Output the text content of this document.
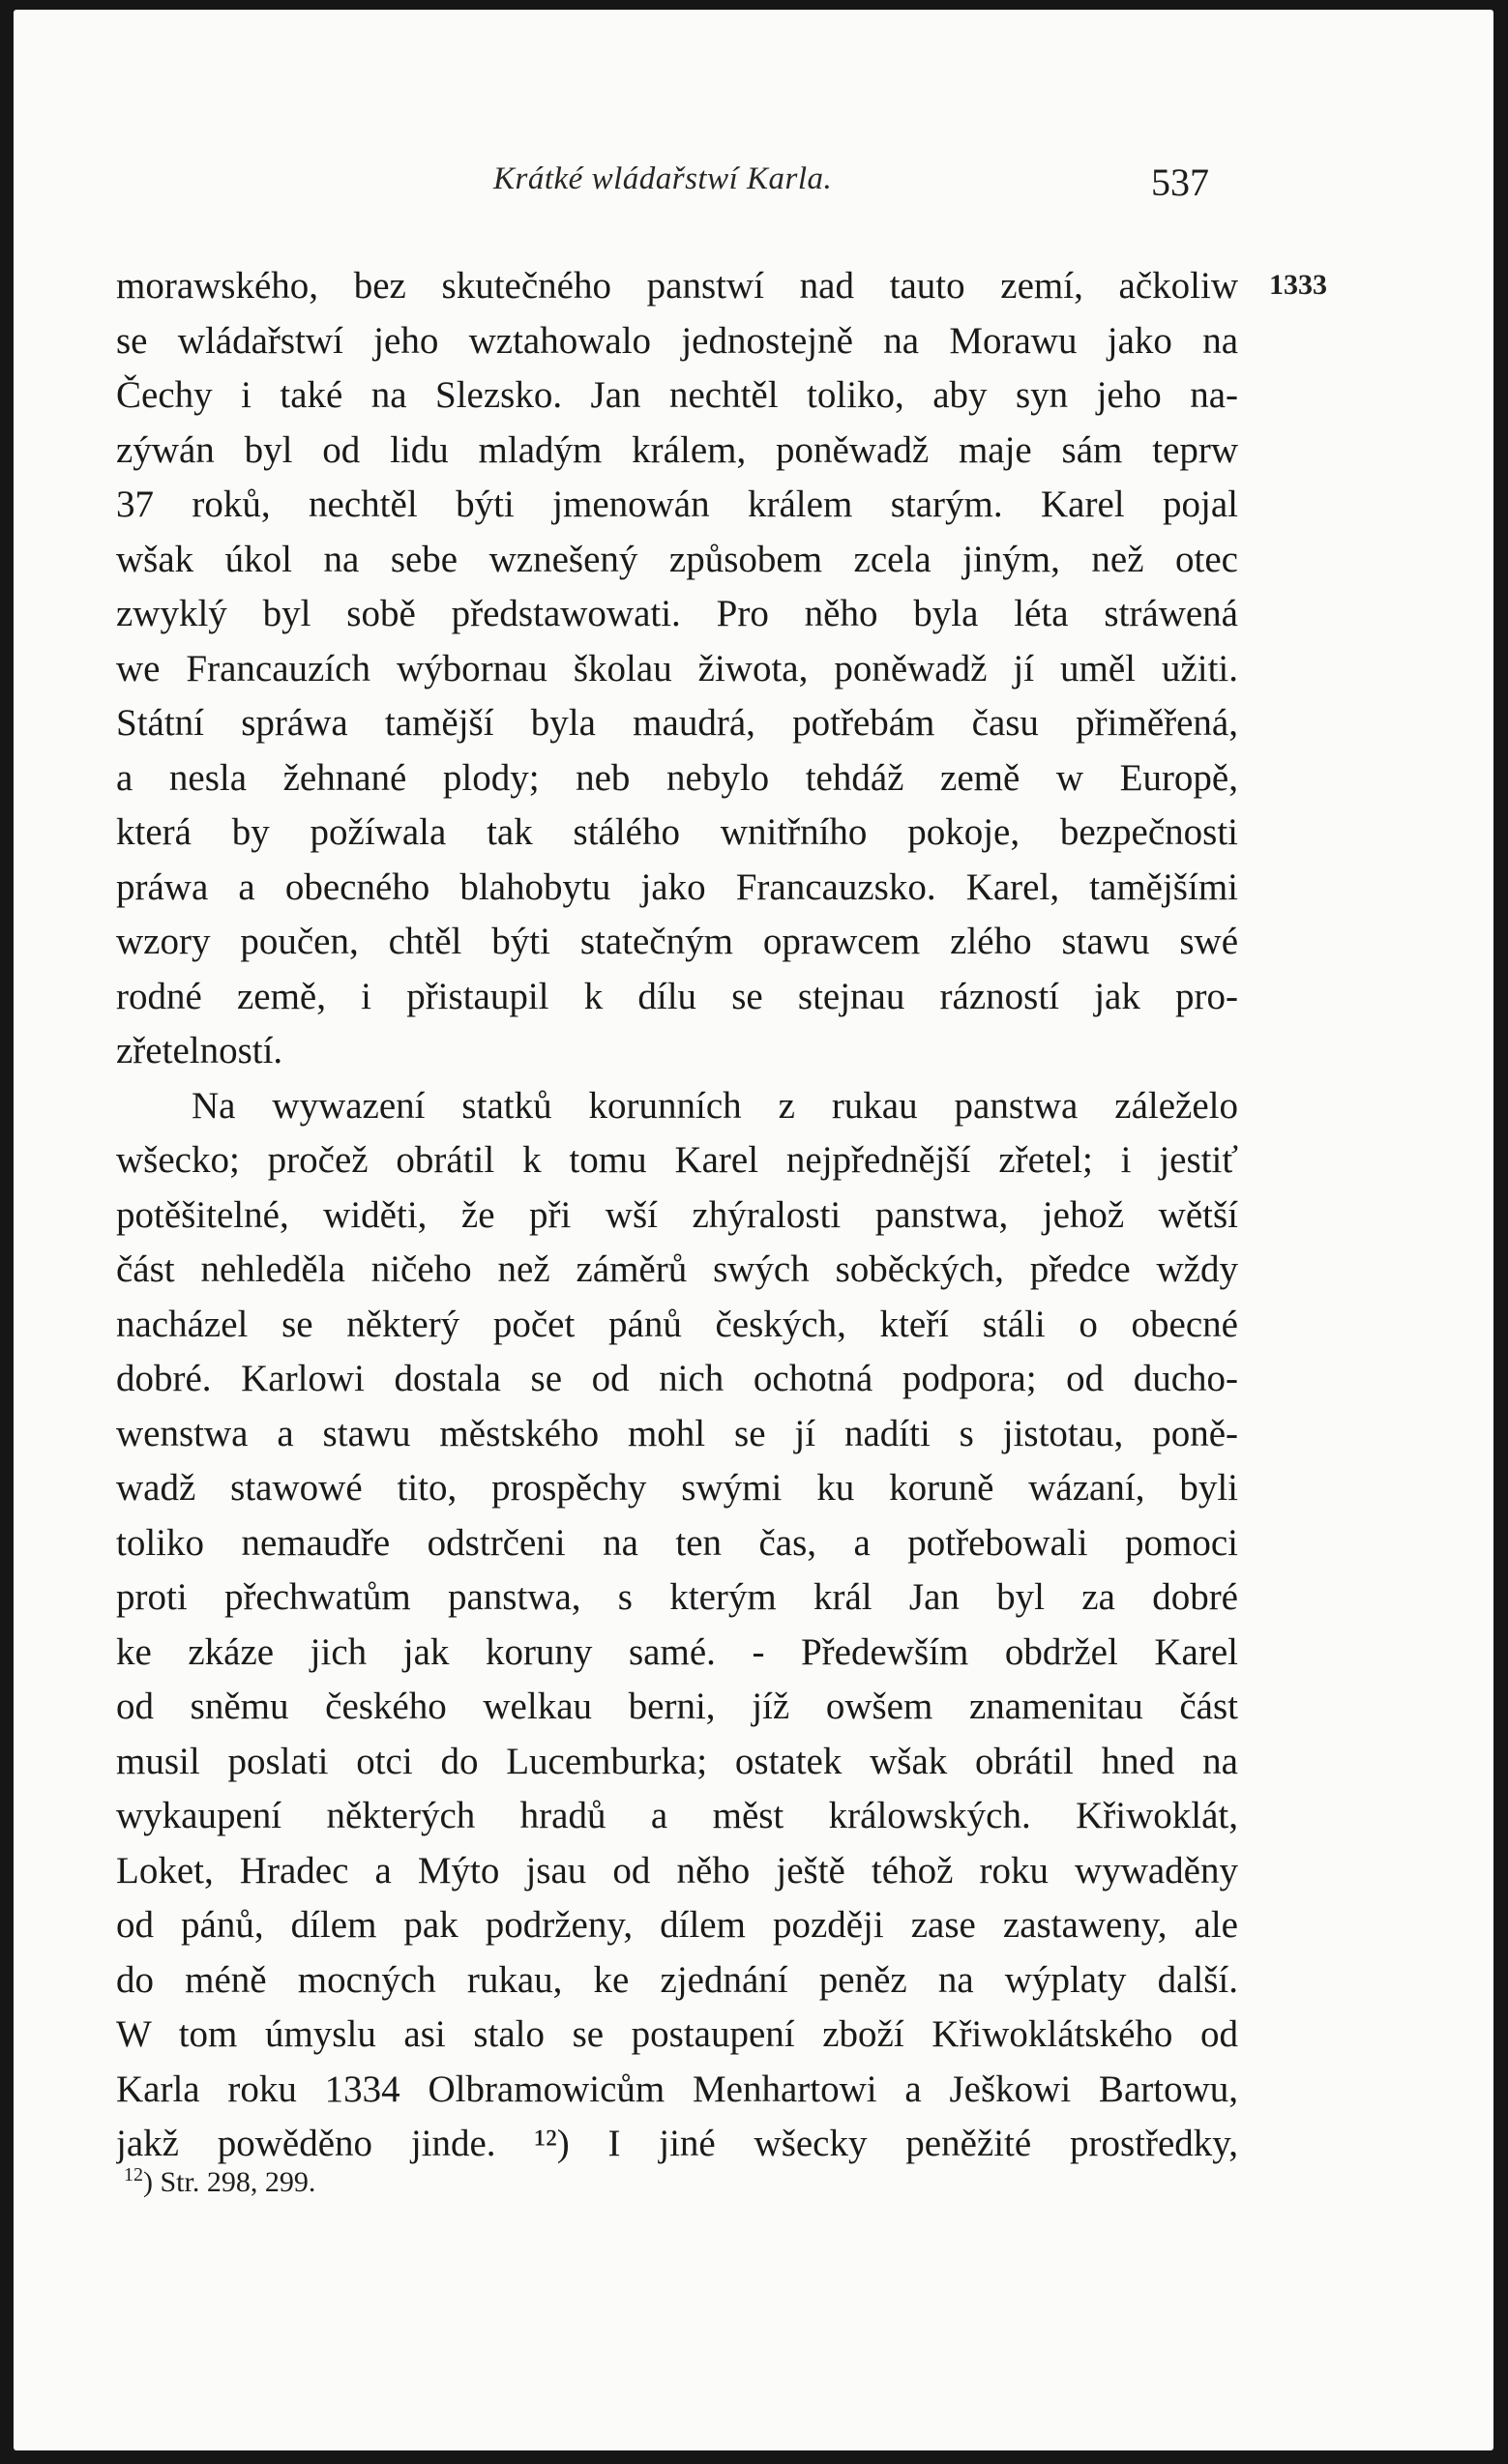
Krátké wládařstwí Karla.	537
1333
morawského, bez skutečného panstwí nad tauto zemí, ačkoliw
se wládařstwí jeho wztahowalo jednostejně na Morawu jako na
Čechy i také na Slezsko. Jan nechtěl toliko, aby syn jeho na-
zýwán byl od lidu mladým králem, poněwadž maje sám teprw
37 roků, nechtěl býti jmenowán králem starým. Karel pojal
wšak úkol na sebe wznešený způsobem zcela jiným, než otec
zwyklý byl sobě předstawowati. Pro něho byla léta stráwená
we Francauzích wýbornau školau žiwota, poněwadž jí uměl užiti.
Státní spráwa tamější byla maudrá, potřebám času přiměřená,
a nesla žehnané plody; neb nebylo tehdáž země w Europě,
která by požíwala tak stálého wnitřního pokoje, bezpečnosti
práwa a obecného blahobytu jako Francauzsko. Karel, tamějšími
wzory poučen, chtěl býti statečným oprawcem zlého stawu swé
rodné země, i přistaupil k dílu se stejnau rázností jak pro-
zřetelností.
Na wywazení statků korunních z rukau panstwa záleželo
wšecko; pročež obrátil k tomu Karel nejpřednější zřetel; i jestiť
potěšitelné, widěti, že při wší zhýralosti panstwa, jehož wětší
část nehleděla ničeho než záměrů swých soběckých, předce wždy
nacházel se některý počet pánů českých, kteří stáli o obecné
dobré. Karlowi dostala se od nich ochotná podpora; od ducho-
wenstwa a stawu městského mohl se jí nadíti s jistotau, poně-
wadž stawowé tito, prospěchy swými ku koruně wázaní, byli
toliko nemaudře odstrčeni na ten čas, a potřebowali pomoci
proti přechwatům panstwa, s kterým král Jan byl za dobré
ke zkáze jich jak koruny samé. - Předewším obdržel Karel
od sněmu českého welkau berni, jíž owšem znamenitau část
musil poslati otci do Lucemburka; ostatek wšak obrátil hned na
wykaupení některých hradů a měst králowských. Křiwoklát,
Loket, Hradec a Mýto jsau od něho ještě téhož roku wywaděny
od pánů, dílem pak podrženy, dílem později zase zastaweny, ale
do méně mocných rukau, ke zjednání peněz na wýplaty další.
W tom úmyslu asi stalo se postaupení zboží Křiwoklátského od
Karla roku 1334 Olbramowicům Menhartowi a Ješkowi Bartowu,
jakž powěděno jinde. ¹²) I jiné wšecky peněžité prostředky,
$^{12}$) Str. 298, 299.
